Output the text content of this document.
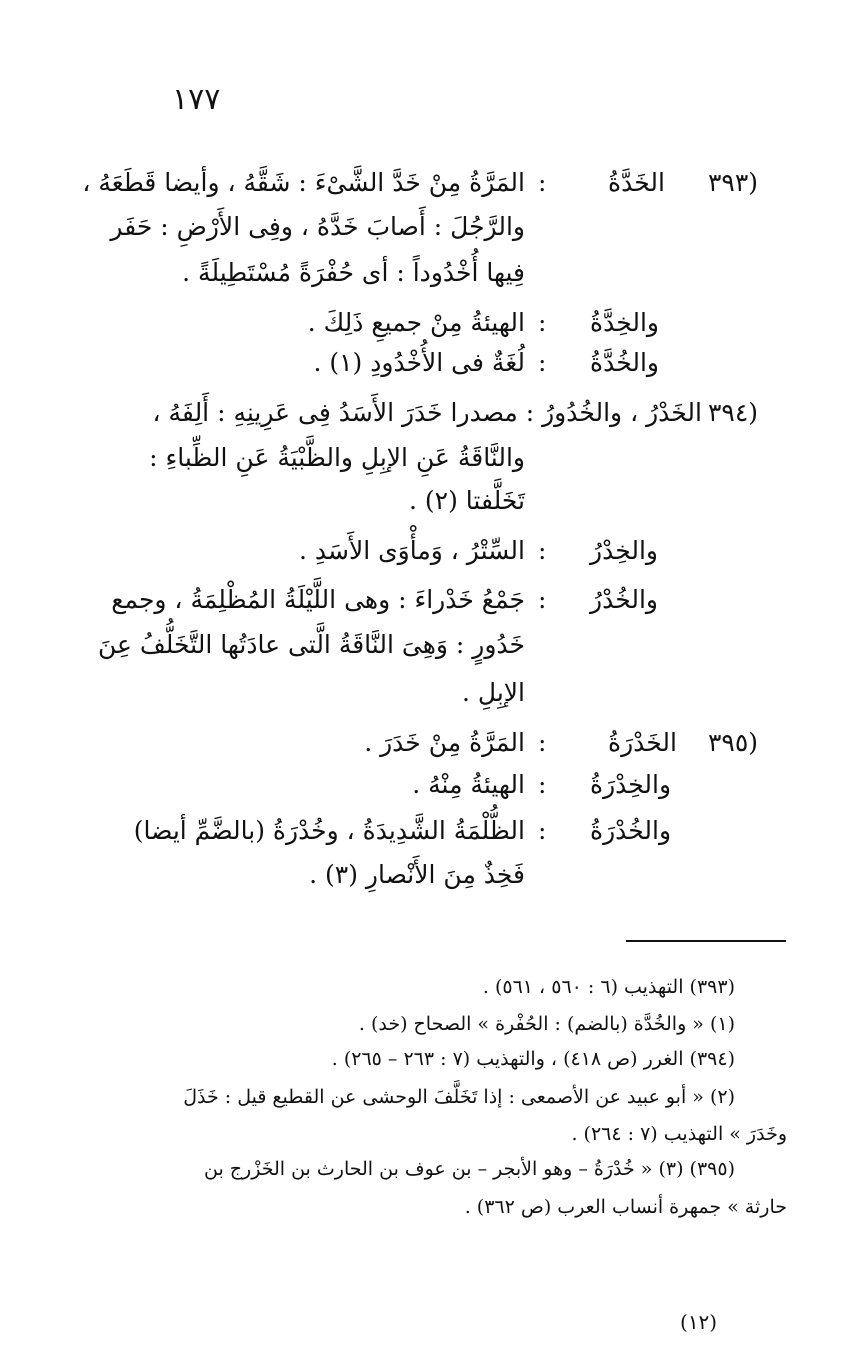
١٧٧
(٣٩٣
الخَدَّةُ
:
المَرَّةُ مِنْ خَدَّ الشَّىْءَ : شَقَّهُ ، وأيضا قَطَعَهُ ،
والرَّجُلَ : أَصابَ خَدَّهُ ، وفِى الأَرْضِ : حَفَر
فِيها أُخْدُوداً : أى حُفْرَةً مُسْتَطِيلَةً .
والخِدَّةُ
:
الهيئةُ مِنْ جميعِ ذَلِكَ .
والخُدَّةُ
:
لُغَةٌ فى الأُخْدُودِ (١) .
(٣٩٤
الخَدْرُ ، والخُدُورُ : مصدرا خَدَرَ الأَسَدُ فِى عَرِينِهِ : أَلِفَهُ ،
والنَّاقَةُ عَنِ الإبِلِ والظَّبْيَةُ عَنِ الظِّباءِ :
تَخَلَّفتا (٢) .
والخِدْرُ
:
السِّتْرُ ، وَمأْوَى الأَسَدِ .
والخُدْرُ
:
جَمْعُ خَدْراءَ : وهى اللَّيْلَةُ المُظْلِمَةُ ، وجمع
خَدُورٍ : وَهِىَ النَّاقَةُ الَّتى عادَتُها التَّخَلُّفُ عِنَ
الإبِلِ .
(٣٩٥
الخَدْرَةُ
:
المَرَّةُ مِنْ خَدَرَ .
والخِدْرَةُ
:
الهيئةُ مِنْهُ .
والخُدْرَةُ
:
الظُّلْمَةُ الشَّدِيدَةُ ، وخُدْرَةُ (بالضَّمِّ أيضا)
فَخِذٌ مِنَ الأَنْصارِ (٣) .
(٣٩٣) التهذيب (٦ : ٥٦٠ ، ٥٦١) .
(١) « والخُدَّة (بالضم) : الحُفْرة » الصحاح (خد) .
(٣٩٤) الغرر (ص ٤١٨) ، والتهذيب (٧ : ٢٦٣ – ٢٦٥) .
(٢) « أبو عبيد عن الأصمعى : إذا تَخَلَّفَ الوحشى عن القطيع قيل : خَذَلَ
وخَدَرَ » التهذيب (٧ : ٢٦٤) .
(٣٩٥) (٣) « خُدْرَةُ – وهو الأبجر – بن عوف بن الحارث بن الخَزْرج بن
حارثة » جمهرة أنساب العرب (ص ٣٦٢) .
(١٢)
